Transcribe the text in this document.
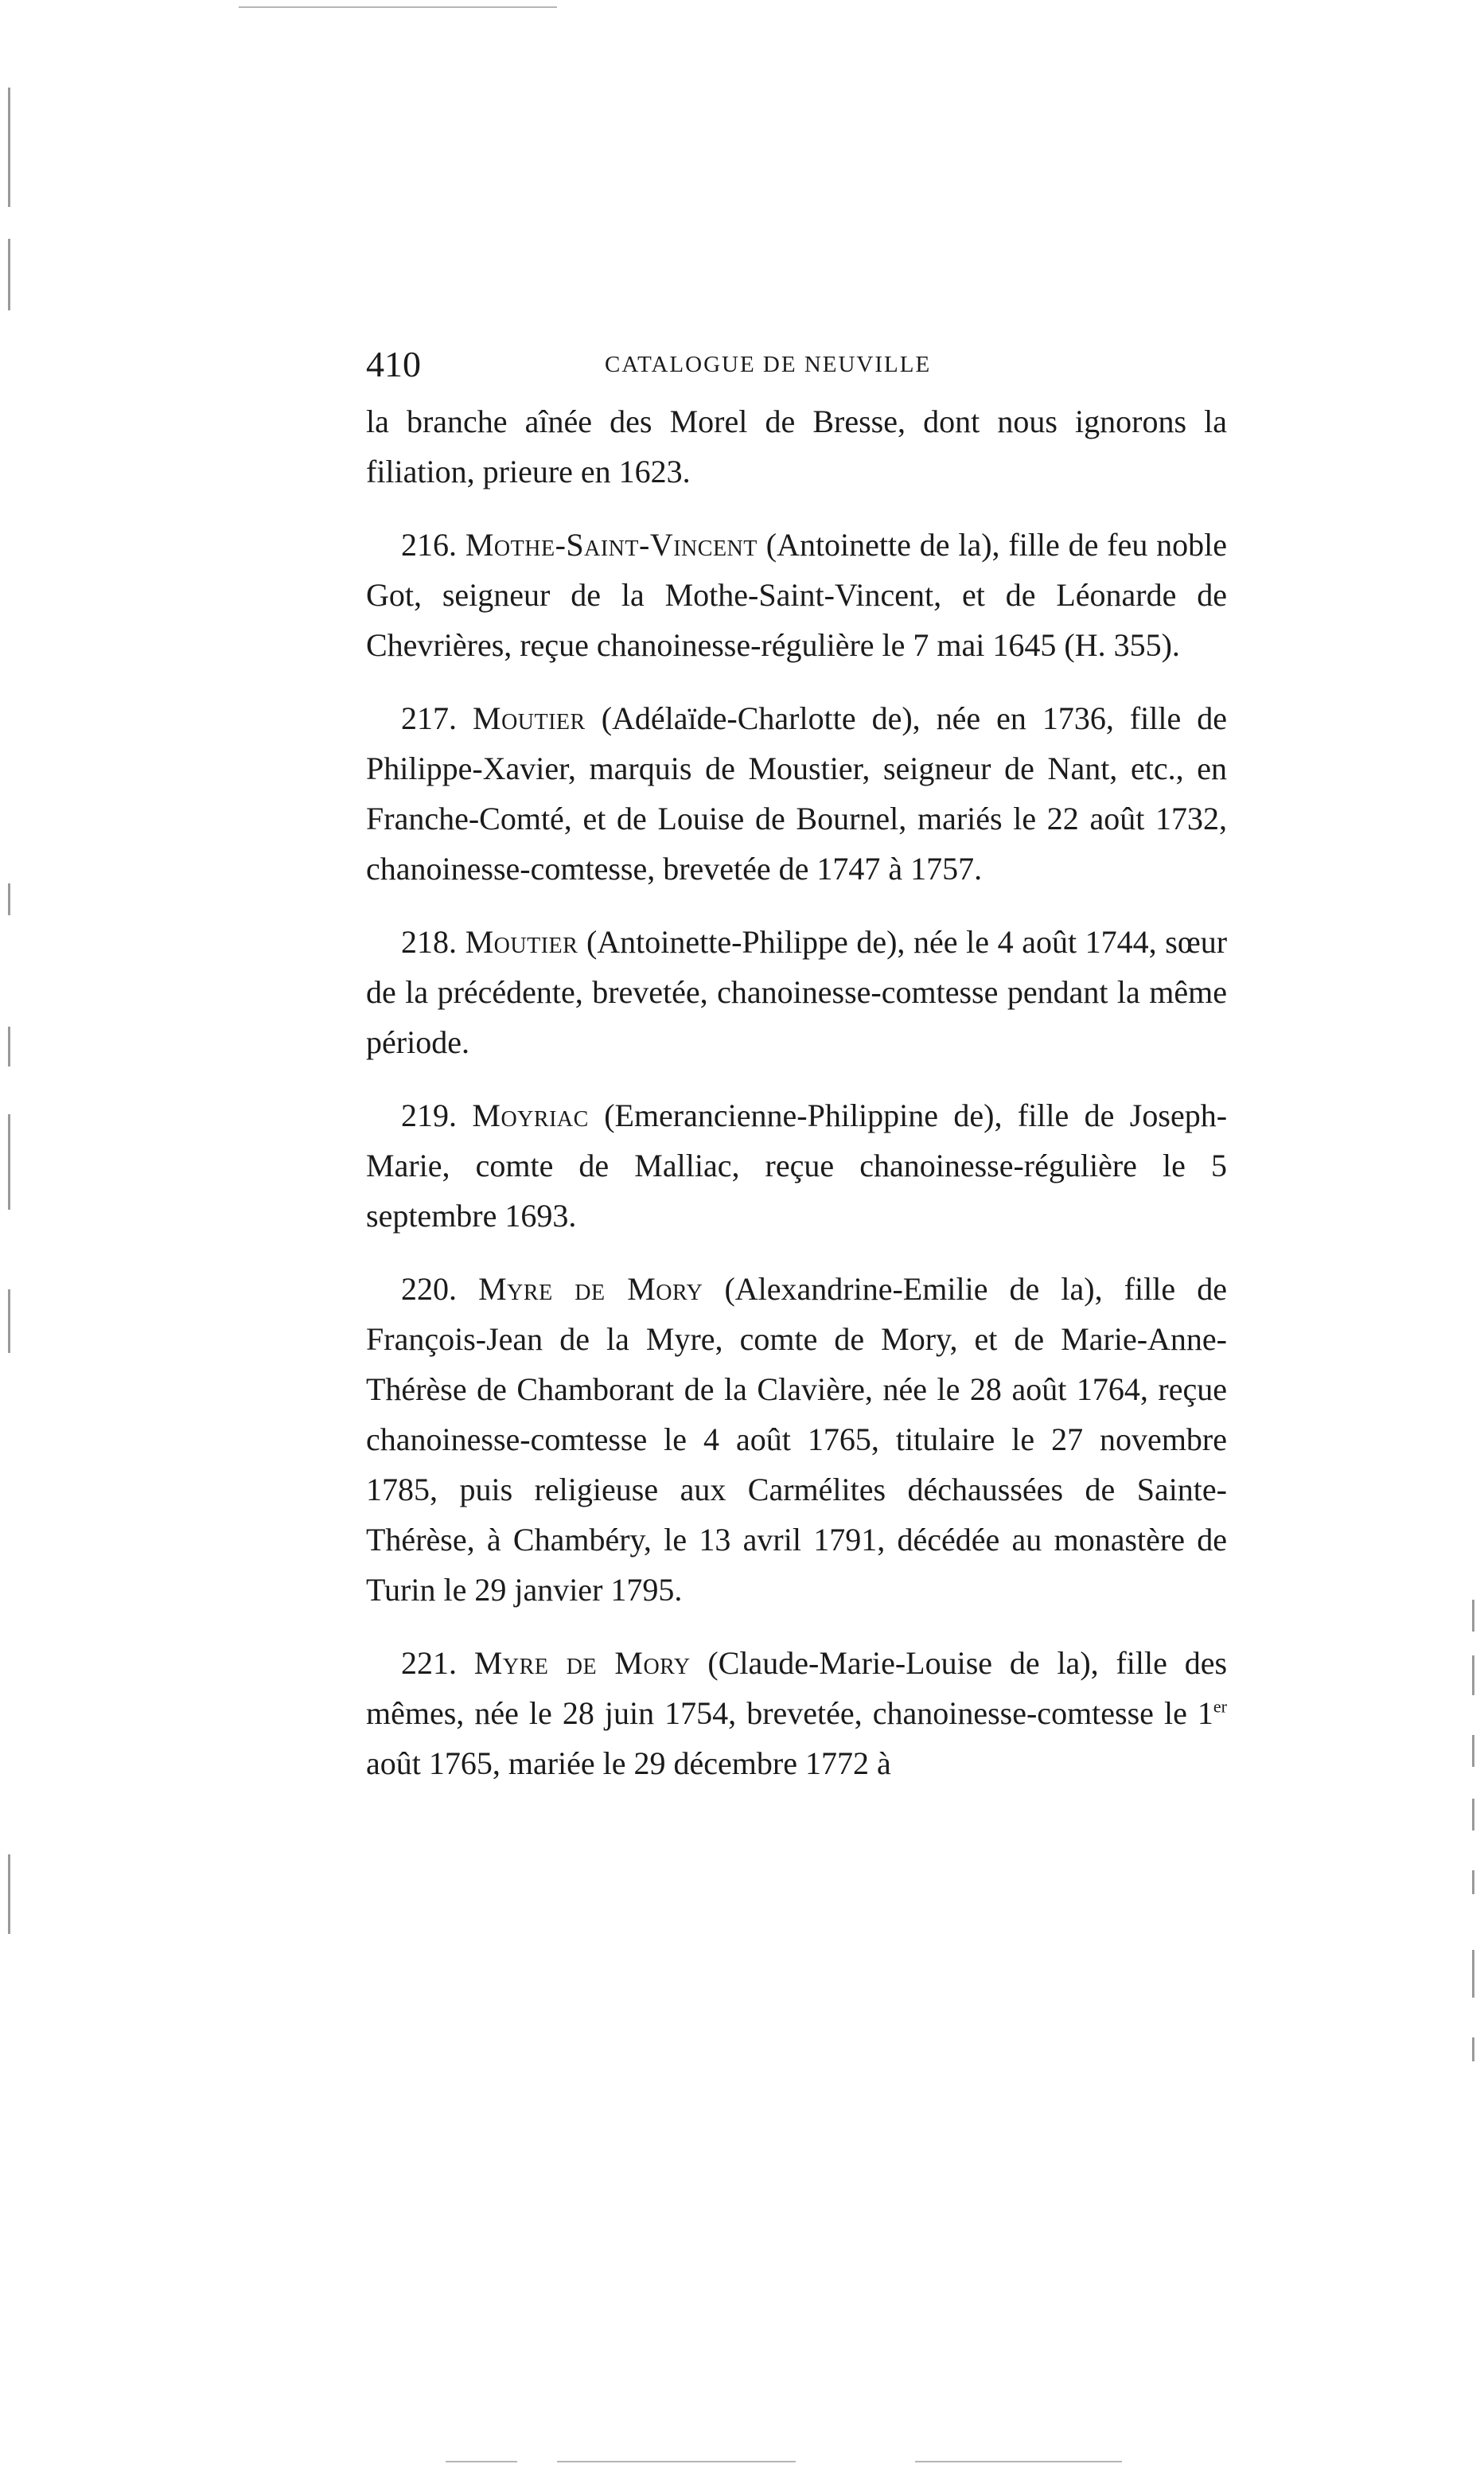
410	CATALOGUE DE NEUVILLE

la branche aînée des Morel de Bresse, dont nous ignorons la filiation, prieure en 1623.

216. Mothe-Saint-Vincent (Antoinette de la), fille de feu noble Got, seigneur de la Mothe-Saint-Vincent, et de Léonarde de Chevrières, reçue chanoinesse-régulière le 7 mai 1645 (H. 355).

217. Moutier (Adélaïde-Charlotte de), née en 1736, fille de Philippe-Xavier, marquis de Moustier, seigneur de Nant, etc., en Franche-Comté, et de Louise de Bournel, mariés le 22 août 1732, chanoinesse-comtesse, brevetée de 1747 à 1757.

218. Moutier (Antoinette-Philippe de), née le 4 août 1744, sœur de la précédente, brevetée, chanoinesse-comtesse pendant la même période.

219. Moyriac (Emerancienne-Philippine de), fille de Joseph-Marie, comte de Malliac, reçue chanoinesse-régulière le 5 septembre 1693.

220. Myre de Mory (Alexandrine-Emilie de la), fille de François-Jean de la Myre, comte de Mory, et de Marie-Anne-Thérèse de Chamborant de la Clavière, née le 28 août 1764, reçue chanoinesse-comtesse le 4 août 1765, titulaire le 27 novembre 1785, puis religieuse aux Carmélites déchaussées de Sainte-Thérèse, à Chambéry, le 13 avril 1791, décédée au monastère de Turin le 29 janvier 1795.

221. Myre de Mory (Claude-Marie-Louise de la), fille des mêmes, née le 28 juin 1754, brevetée, chanoinesse-comtesse le 1er août 1765, mariée le 29 décembre 1772 à
